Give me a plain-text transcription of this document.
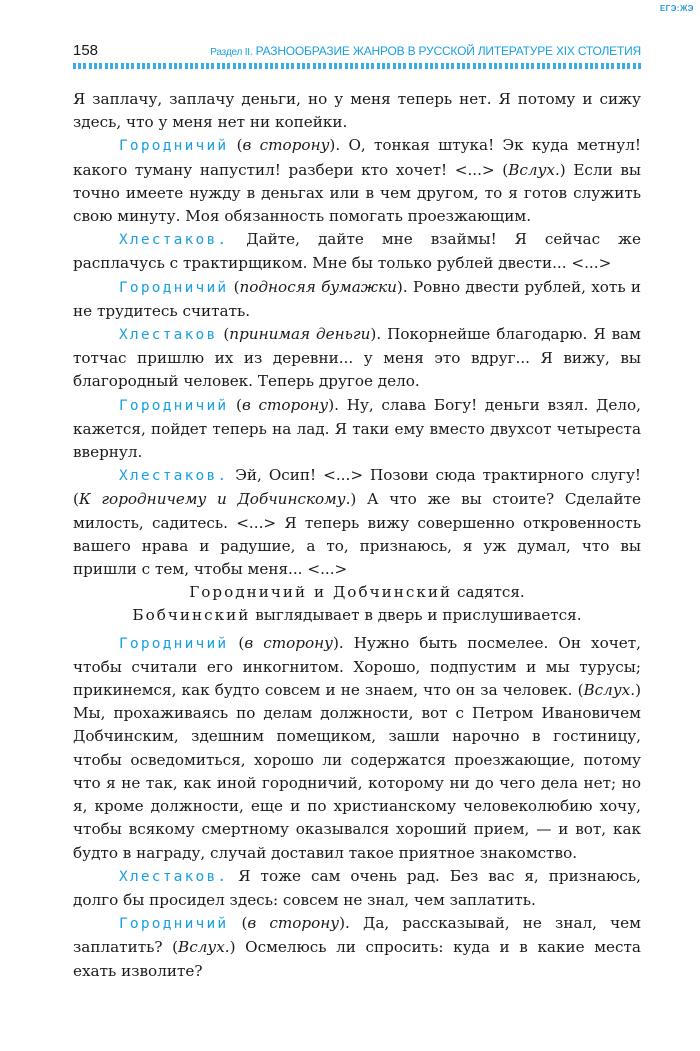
ЕГЭ:ЖЭ
158	Раздел II. РАЗНООБРАЗИЕ ЖАНРОВ В РУССКОЙ ЛИТЕРАТУРЕ XIX СТОЛЕТИЯ

Я заплачу, заплачу деньги, но у меня теперь нет. Я потому и сижу здесь, что у меня нет ни копейки.

Городничий (в сторону). О, тонкая штука! Эк куда метнул! какого туману напустил! разбери кто хочет! <...> (Вслух.) Если вы точно имеете нужду в деньгах или в чем другом, то я готов служить свою минуту. Моя обязанность помогать проезжающим.

Хлестаков. Дайте, дайте мне взаймы! Я сейчас же расплачусь с трактирщиком. Мне бы только рублей двести... <...>

Городничий (подносяя бумажки). Ровно двести рублей, хоть и не трудитесь считать.

Хлестаков (принимая деньги). Покорнейше благодарю. Я вам тотчас пришлю их из деревни... у меня это вдруг... Я вижу, вы благородный человек. Теперь другое дело.

Городничий (в сторону). Ну, слава Богу! деньги взял. Дело, кажется, пойдет теперь на лад. Я таки ему вместо двухсот четыреста ввернул.

Хлестаков. Эй, Осип! <...> Позови сюда трактирного слугу! (К городничему и Добчинскому.) А что же вы стоите? Сделайте милость, садитесь. <...> Я теперь вижу совершенно откровенность вашего нрава и радушие, а то, признаюсь, я уж думал, что вы пришли с тем, чтобы меня... <...>

Городничий и Добчинский садятся.

Бобчинский выглядывает в дверь и прислушивается.

Городничий (в сторону). Нужно быть посмелее. Он хочет, чтобы считали его инкогнитом. Хорошо, подпустим и мы турусы; прикинемся, как будто совсем и не знаем, что он за человек. (Вслух.) Мы, прохаживаясь по делам должности, вот с Петром Ивановичем Добчинским, здешним помещиком, зашли нарочно в гостиницу, чтобы осведомиться, хорошо ли содержатся проезжающие, потому что я не так, как иной городничий, которому ни до чего дела нет; но я, кроме должности, еще и по христианскому человеколюбию хочу, чтобы всякому смертному оказывался хороший прием, — и вот, как будто в награду, случай доставил такое приятное знакомство.

Хлестаков. Я тоже сам очень рад. Без вас я, признаюсь, долго бы просидел здесь: совсем не знал, чем заплатить.

Городничий (в сторону). Да, рассказывай, не знал, чем заплатить? (Вслух.) Осмелюсь ли спросить: куда и в какие места ехать изволите?
